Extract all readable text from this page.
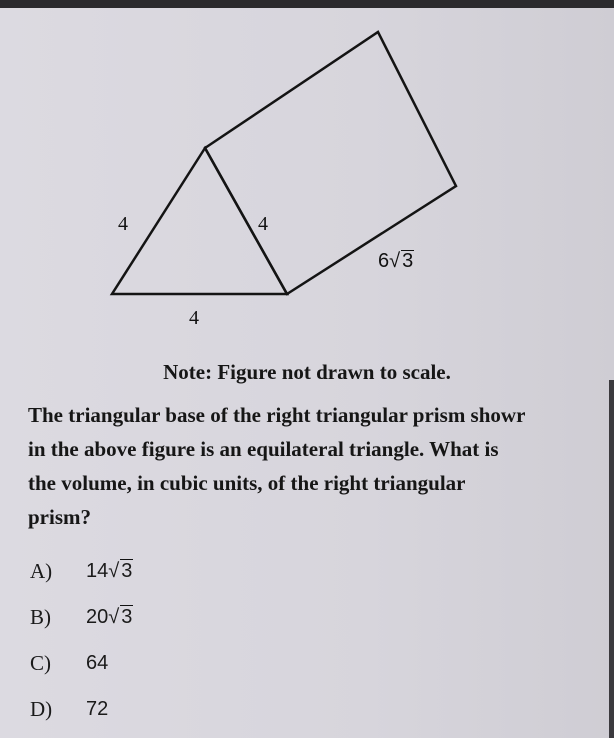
4	4
4
6√ 3
Note: Figure not drawn to scale.
The triangular base of the right triangular prism showr
in the above figure is an equilateral triangle. What is
the volume, in cubic units, of the right triangular
prism?
A)	14√ 3
B)	20√ 3
C)	64
D)	72
